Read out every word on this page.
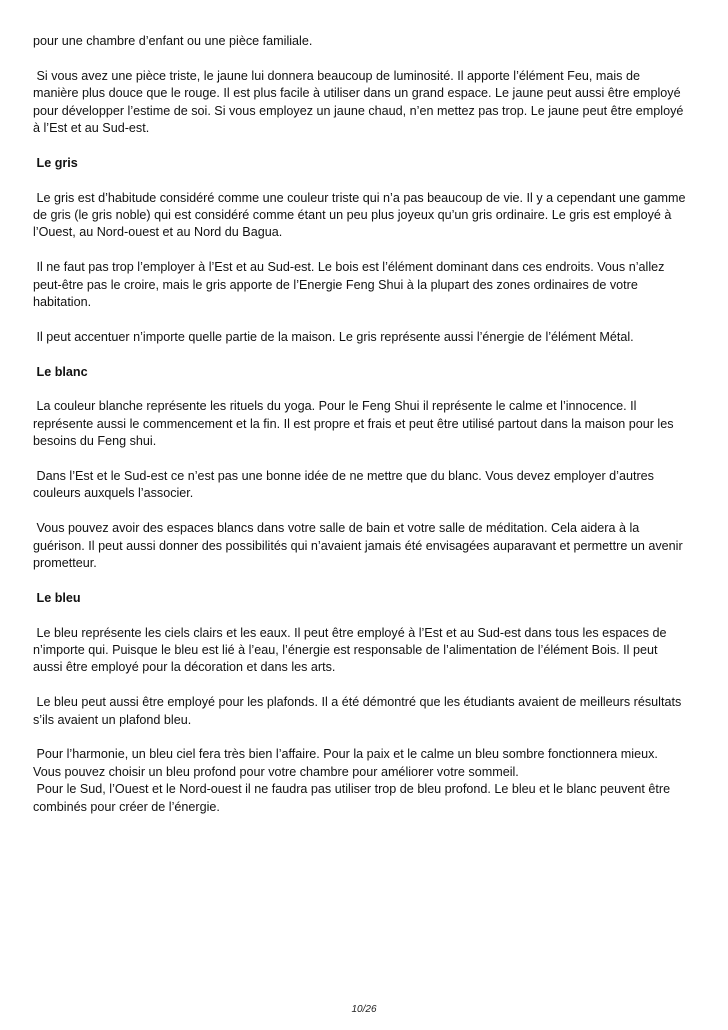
pour une chambre d’enfant ou une pièce familiale.

Si vous avez une pièce triste, le jaune lui donnera beaucoup de luminosité. Il apporte l’élément Feu, mais de manière plus douce que le rouge. Il est plus facile à utiliser dans un grand espace. Le jaune peut aussi être employé pour développer l’estime de soi. Si vous employez un jaune chaud, n’en mettez pas trop. Le jaune peut être employé à l’Est et au Sud-est.

Le gris

Le gris est d’habitude considéré comme une couleur triste qui n’a pas beaucoup de vie. Il y a cependant une gamme de gris (le gris noble) qui est considéré comme étant un peu plus joyeux qu’un gris ordinaire. Le gris est employé à l’Ouest, au Nord-ouest et au Nord du Bagua.

Il ne faut pas trop l’employer à l’Est et au Sud-est. Le bois est l’élément dominant dans ces endroits. Vous n’allez peut-être pas le croire, mais le gris apporte de l’Energie Feng Shui à la plupart des zones ordinaires de votre habitation.

Il peut accentuer n’importe quelle partie de la maison. Le gris représente aussi l’énergie de l’élément Métal.

Le blanc

La couleur blanche représente les rituels du yoga. Pour le Feng Shui il représente le calme et l’innocence. Il représente aussi le commencement et la fin. Il est propre et frais et peut être utilisé partout dans la maison pour les besoins du Feng shui.

Dans l’Est et le Sud-est ce n’est pas une bonne idée de ne mettre que du blanc. Vous devez employer d’autres couleurs auxquels l’associer.

Vous pouvez avoir des espaces blancs dans votre salle de bain et votre salle de méditation. Cela aidera à la guérison. Il peut aussi donner des possibilités qui n’avaient jamais été envisagées auparavant et permettre un avenir prometteur.

Le bleu

Le bleu représente les ciels clairs et les eaux. Il peut être employé à l’Est et au Sud-est dans tous les espaces de n’importe qui. Puisque le bleu est lié à l’eau, l’énergie est responsable de l’alimentation de l’élément Bois. Il peut aussi être employé pour la décoration et dans les arts.

Le bleu peut aussi être employé pour les plafonds. Il a été démontré que les étudiants avaient de meilleurs résultats s’ils avaient un plafond bleu.

Pour l’harmonie, un bleu ciel fera très bien l’affaire. Pour la paix et le calme un bleu sombre fonctionnera mieux. Vous pouvez choisir un bleu profond pour votre chambre pour améliorer votre sommeil.

Pour le Sud, l’Ouest et le Nord-ouest il ne faudra pas utiliser trop de bleu profond. Le bleu et le blanc peuvent être combinés pour créer de l’énergie.

10/26
